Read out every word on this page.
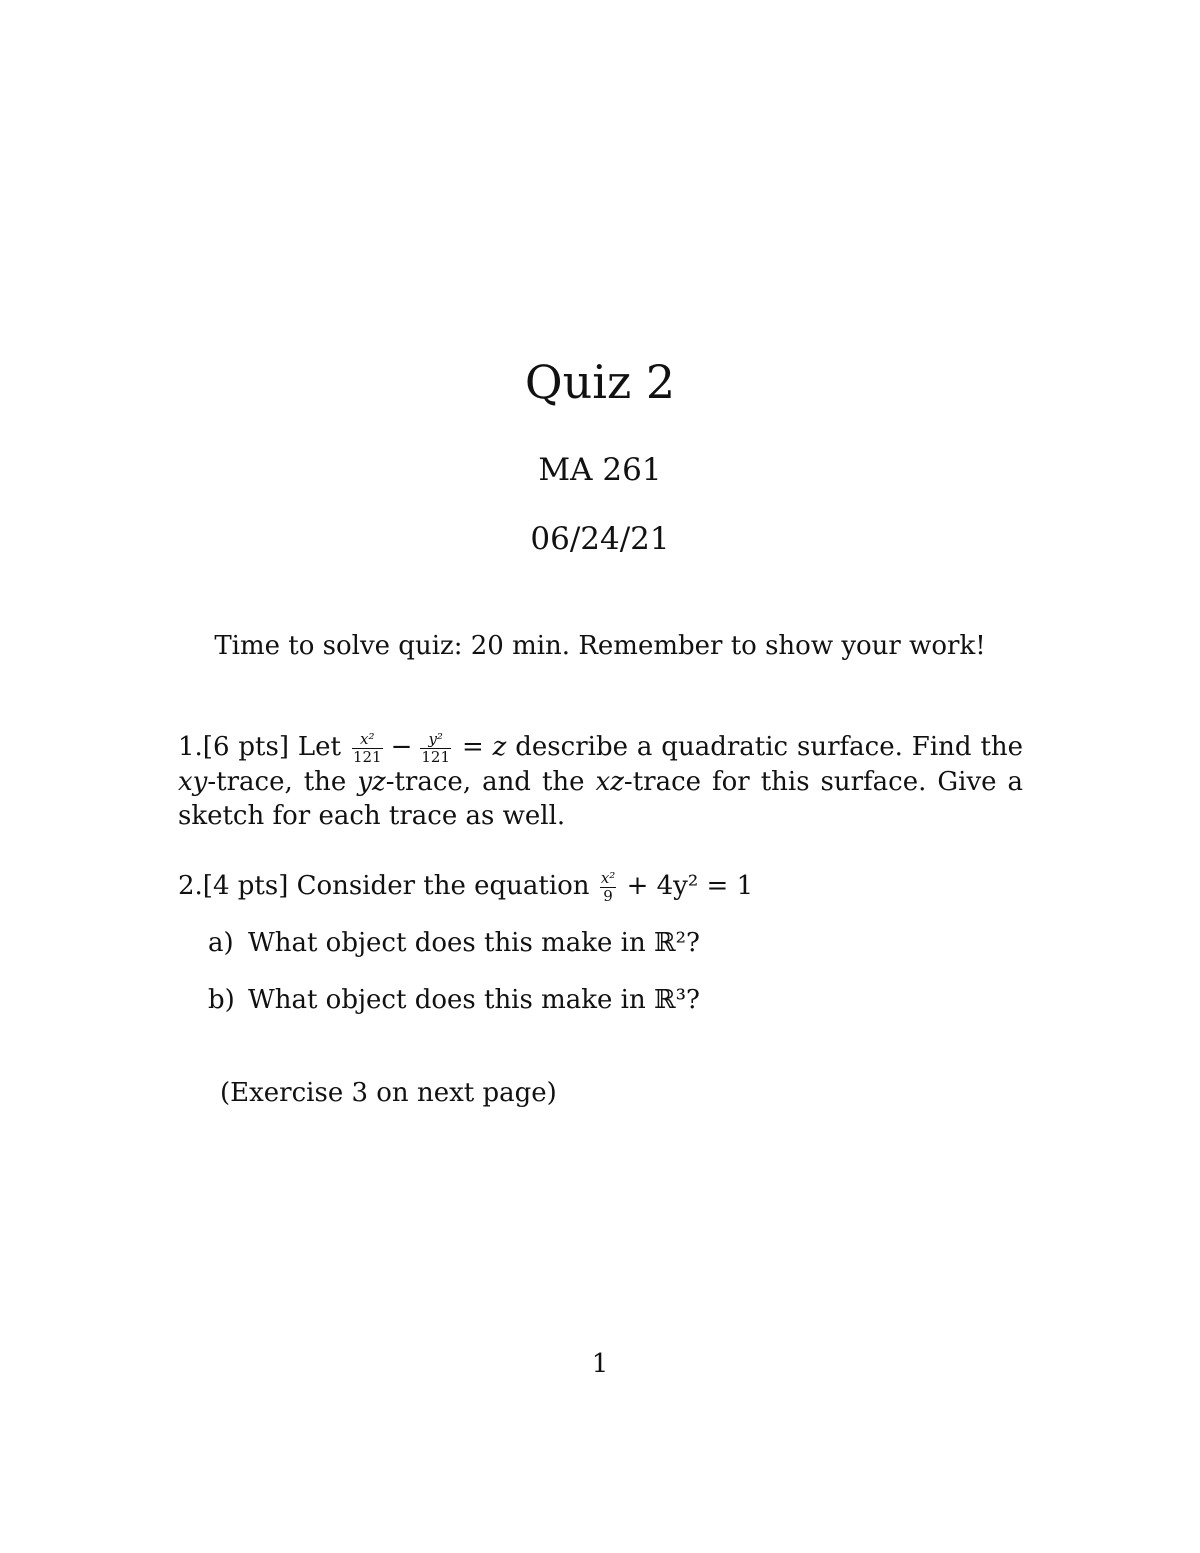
Quiz 2
MA 261
06/24/21
Time to solve quiz: 20 min. Remember to show your work!
1.[6 pts] Let $\frac{\text{x²}}{121} - \frac{\text{y²}}{121} = z$ describe a quadratic surface. Find the xy-trace, the yz-trace, and the xz-trace for this surface. Give a sketch for each trace as well.
2.[4 pts] Consider the equation $\frac{\text{x²}}{9} + 4y^2 = 1$
a) What object does this make in ℝ²?
b) What object does this make in ℝ³?
(Exercise 3 on next page)
1
